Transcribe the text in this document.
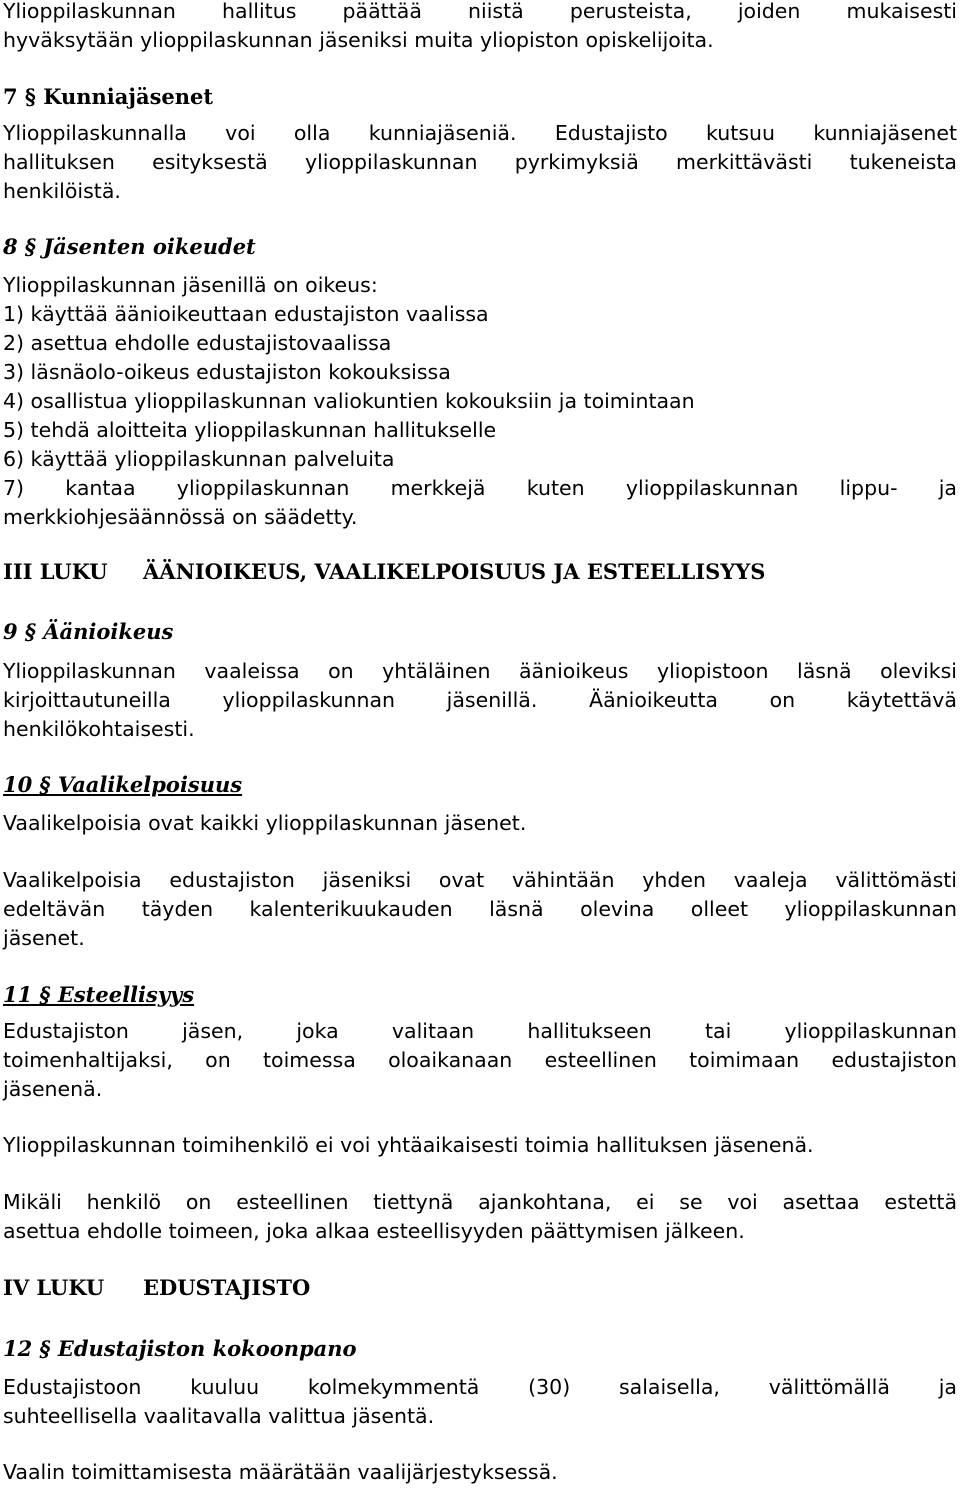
Ylioppilaskunnan hallitus päättää niistä perusteista, joiden mukaisesti
hyväksytään ylioppilaskunnan jäseniksi muita yliopiston opiskelijoita.

7 § Kunniajäsenet

Ylioppilaskunnalla voi olla kunniajäseniä. Edustajisto kutsuu kunniajäsenet
hallituksen esityksestä ylioppilaskunnan pyrkimyksiä merkittävästi tukeneista
henkilöistä.

8 § Jäsenten oikeudet

Ylioppilaskunnan jäsenillä on oikeus:
1) käyttää äänioikeuttaan edustajiston vaalissa
2) asettua ehdolle edustajistovaalissa
3) läsnäolo-oikeus edustajiston kokouksissa
4) osallistua ylioppilaskunnan valiokuntien kokouksiin ja toimintaan
5) tehdä aloitteita ylioppilaskunnan hallitukselle
6) käyttää ylioppilaskunnan palveluita
7) kantaa ylioppilaskunnan merkkejä kuten ylioppilaskunnan lippu- ja
merkkiohjesäännössä on säädetty.

III LUKU ÄÄNIOIKEUS, VAALIKELPOISUUS JA ESTEELLISYYS
9 § Äänioikeus

Ylioppilaskunnan vaaleissa on yhtäläinen äänioikeus yliopistoon läsnä oleviksi
kirjoittautuneilla ylioppilaskunnan jäsenillä. Äänioikeutta on käytettävä
henkilökohtaisesti.

10 § Vaalikelpoisuus

Vaalikelpoisia ovat kaikki ylioppilaskunnan jäsenet.

Vaalikelpoisia edustajiston jäseniksi ovat vähintään yhden vaaleja välittömästi
edeltävän täyden kalenterikuukauden läsnä olevina olleet ylioppilaskunnan
jäsenet.

11 § Esteellisyys

Edustajiston jäsen, joka valitaan hallitukseen tai ylioppilaskunnan
toimenhaltijaksi, on toimessa oloaikanaan esteellinen toimimaan edustajiston
jäsenenä.

Ylioppilaskunnan toimihenkilö ei voi yhtäaikaisesti toimia hallituksen jäsenenä.

Mikäli henkilö on esteellinen tiettynä ajankohtana, ei se voi asettaa estettä
asettua ehdolle toimeen, joka alkaa esteellisyyden päättymisen jälkeen.

IV LUKU EDUSTAJISTO
12 § Edustajiston kokoonpano

Edustajistoon kuuluu kolmekymmentä (30) salaisella, välittömällä ja
suhteellisella vaalitavalla valittua jäsentä.

Vaalin toimittamisesta määrätään vaalijärjestyksessä.
